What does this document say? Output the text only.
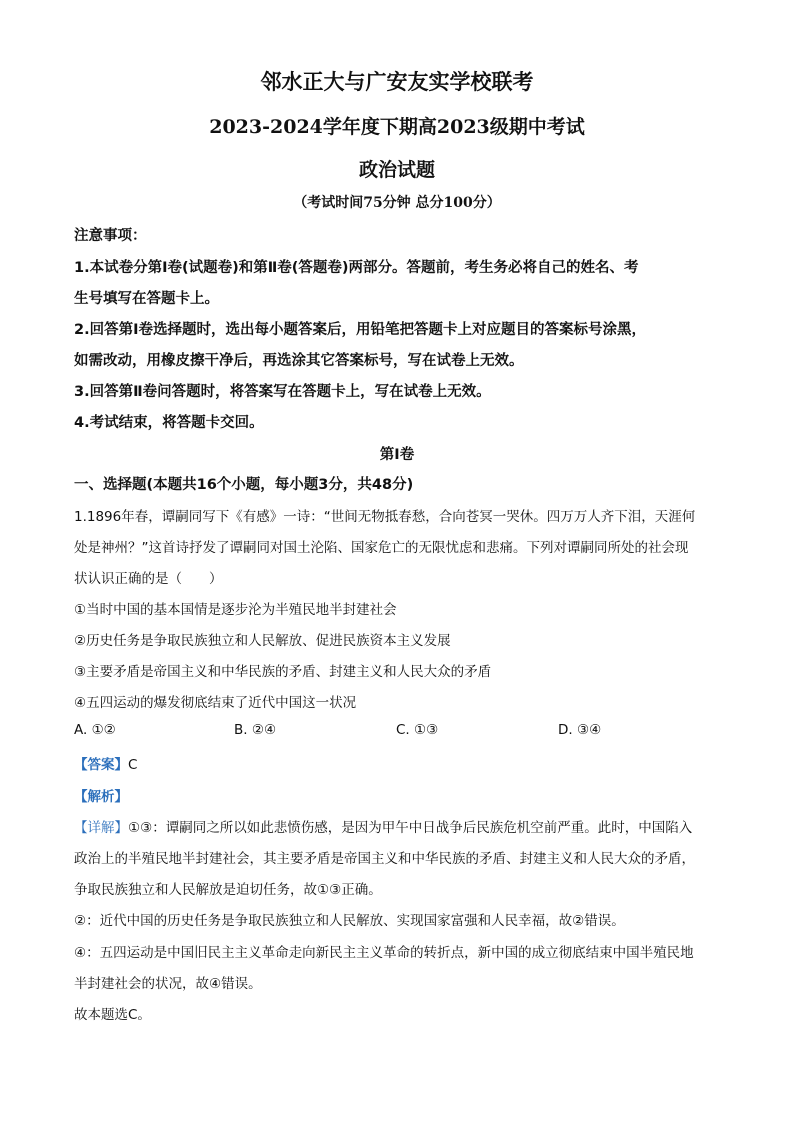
邻水正大与广安友实学校联考
2023-2024学年度下期高2023级期中考试
政治试题
（考试时间75分钟 总分100分）
注意事项：
1.本试卷分第Ⅰ卷(试题卷)和第Ⅱ卷(答题卷)两部分。答题前，考生务必将自己的姓名、考
生号填写在答题卡上。
2.回答第Ⅰ卷选择题时，选出每小题答案后，用铅笔把答题卡上对应题目的答案标号涂黑，
如需改动，用橡皮擦干净后，再选涂其它答案标号，写在试卷上无效。
3.回答第Ⅱ卷问答题时，将答案写在答题卡上，写在试卷上无效。
4.考试结束，将答题卡交回。
第Ⅰ卷
一、选择题(本题共16个小题，每小题3分，共48分)
1.1896年春，谭嗣同写下《有感》一诗：“世间无物抵春愁，合向苍冥一哭休。四万万人齐下泪，天涯何
处是神州？”这首诗抒发了谭嗣同对国土沦陷、国家危亡的无限忧虑和悲痛。下列对谭嗣同所处的社会现
状认识正确的是（　　）
①当时中国的基本国情是逐步沦为半殖民地半封建社会
②历史任务是争取民族独立和人民解放、促进民族资本主义发展
③主要矛盾是帝国主义和中华民族的矛盾、封建主义和人民大众的矛盾
④五四运动的爆发彻底结束了近代中国这一状况
A. ①②	B. ②④	C. ①③	D. ③④
【答案】C
【解析】
【详解】①③：谭嗣同之所以如此悲愤伤感，是因为甲午中日战争后民族危机空前严重。此时，中国陷入
政治上的半殖民地半封建社会，其主要矛盾是帝国主义和中华民族的矛盾、封建主义和人民大众的矛盾，
争取民族独立和人民解放是迫切任务，故①③正确。
②：近代中国的历史任务是争取民族独立和人民解放、实现国家富强和人民幸福，故②错误。
④：五四运动是中国旧民主主义革命走向新民主主义革命的转折点，新中国的成立彻底结束中国半殖民地
半封建社会的状况，故④错误。
故本题选C。
